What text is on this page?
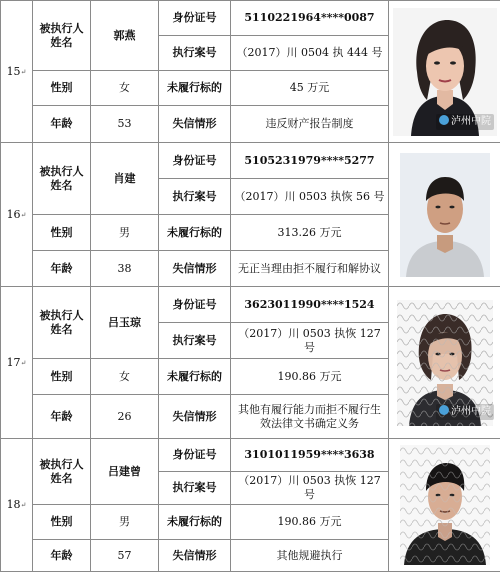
15↵	被执行人姓名	郭燕	身份证号	5110221964****0087	泸州中院

			执行案号	（2017）川 0504 执 444 号	
	性别	女	未履行标的	45 万元	
	年龄	53	失信情形	违反财产报告制度	
16↵	被执行人姓名	肖建	身份证号	5105231979****5277	

			执行案号	（2017）川 0503 执恢 56 号	
	性别	男	未履行标的	313.26 万元	
	年龄	38	失信情形	无正当理由拒不履行和解协议	
17↵	被执行人姓名	吕玉琼	身份证号	3623011990****1524	泸州中院

			执行案号	（2017）川 0503 执恢 127 号	
	性别	女	未履行标的	190.86 万元	
	年龄	26	失信情形	其他有履行能力而拒不履行生效法律文书确定义务	
18↵	被执行人姓名	吕建曾	身份证号	3101011959****3638	

			执行案号	（2017）川 0503 执恢 127 号	
	性别	男	未履行标的	190.86 万元	
	年龄	57	失信情形	其他规避执行	
